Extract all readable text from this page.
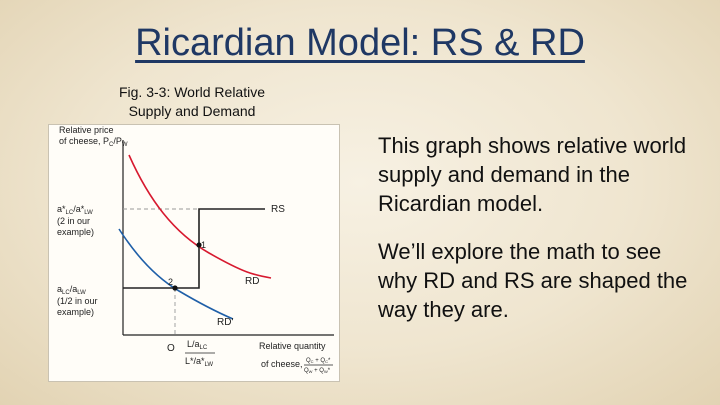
Ricardian Model: RS & RD
Fig. 3-3: World Relative
Supply and Demand
Relative price
of cheese, $P_C/P_W$
1
2
RS
RD
RD'
$a*_{LC}/a*_{LW}$
(2 in our
example)
$a_{LC}/a_{LW}$
(1/2 in our
example)
O $L/a_{LC}$
$L*/a*_{LW}$
Relative quantity
of cheese, QC + QC*
QW + QW*

This graph shows relative world supply and demand in the Ricardian model.

We’ll explore the math to see why RD and RS are shaped the way they are.
